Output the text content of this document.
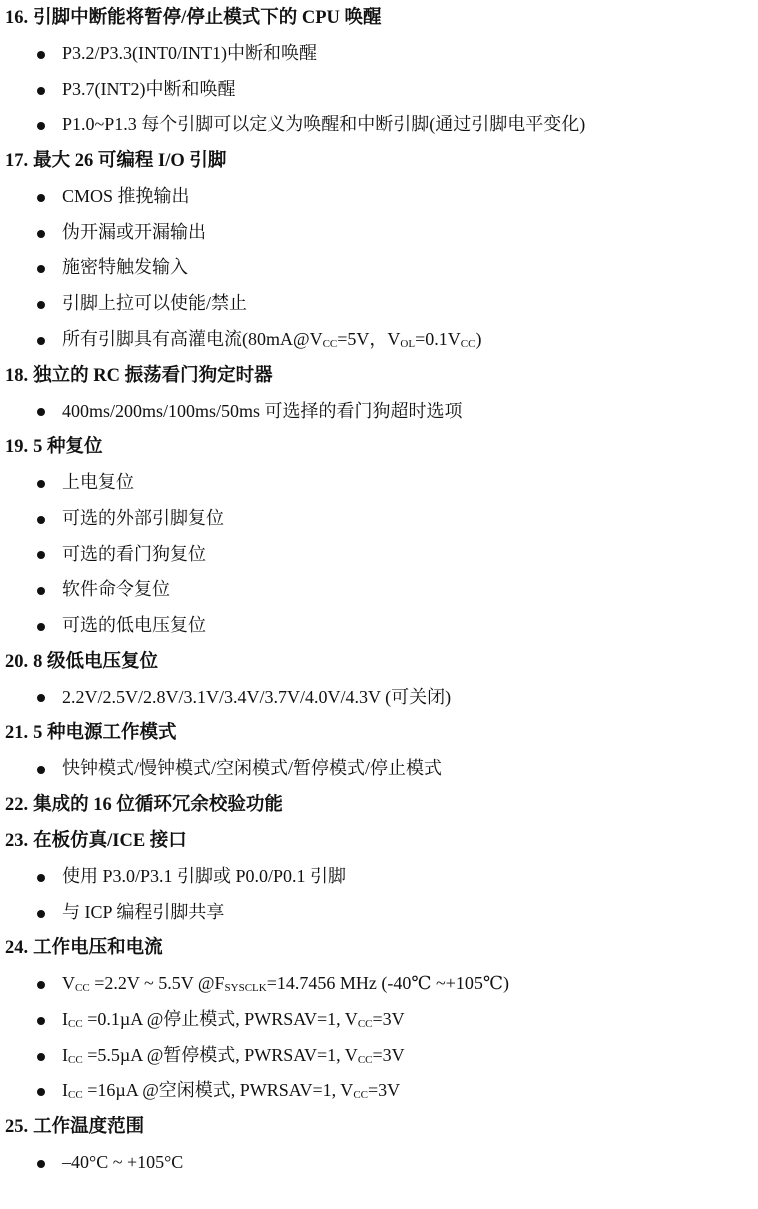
16. 引脚中断能将暂停/停止模式下的 CPU 唤醒
P3.2/P3.3(INT0/INT1)中断和唤醒
P3.7(INT2)中断和唤醒
P1.0~P1.3 每个引脚可以定义为唤醒和中断引脚(通过引脚电平变化)
17. 最大 26 可编程 I/O 引脚
CMOS 推挽输出
伪开漏或开漏输出
施密特触发输入
引脚上拉可以使能/禁止
所有引脚具有高灌电流($80mA@V_{CC}=5V$，$V_{OL}=0.1V_{CC}$)
18. 独立的 RC 振荡看门狗定时器
400ms/200ms/100ms/50ms 可选择的看门狗超时选项
19. 5 种复位
上电复位
可选的外部引脚复位
可选的看门狗复位
软件命令复位
可选的低电压复位
20. 8 级低电压复位
2.2V/2.5V/2.8V/3.1V/3.4V/3.7V/4.0V/4.3V (可关闭)
21. 5 种电源工作模式
快钟模式/慢钟模式/空闲模式/暂停模式/停止模式
22. 集成的 16 位循环冗余校验功能
23. 在板仿真/ICE 接口
使用 P3.0/P3.1 引脚或 P0.0/P0.1 引脚
与 ICP 编程引脚共享
24. 工作电压和电流
$V_{CC} =2.2V$ ~ 5.5V $@F_{SYSCLK}=14.7456$ MHz (-40℃ ~+105℃)
$I_{CC} =0.1\mu A$ @停止模式, PWRSAV=1, $V_{CC}=3V$
$I_{CC} =5.5\mu A$ @暂停模式, PWRSAV=1, $V_{CC}=3V$
$I_{CC} =16\mu A$ @空闲模式, PWRSAV=1, $V_{CC}=3V$
25. 工作温度范围
–40°C ~ +105°C
